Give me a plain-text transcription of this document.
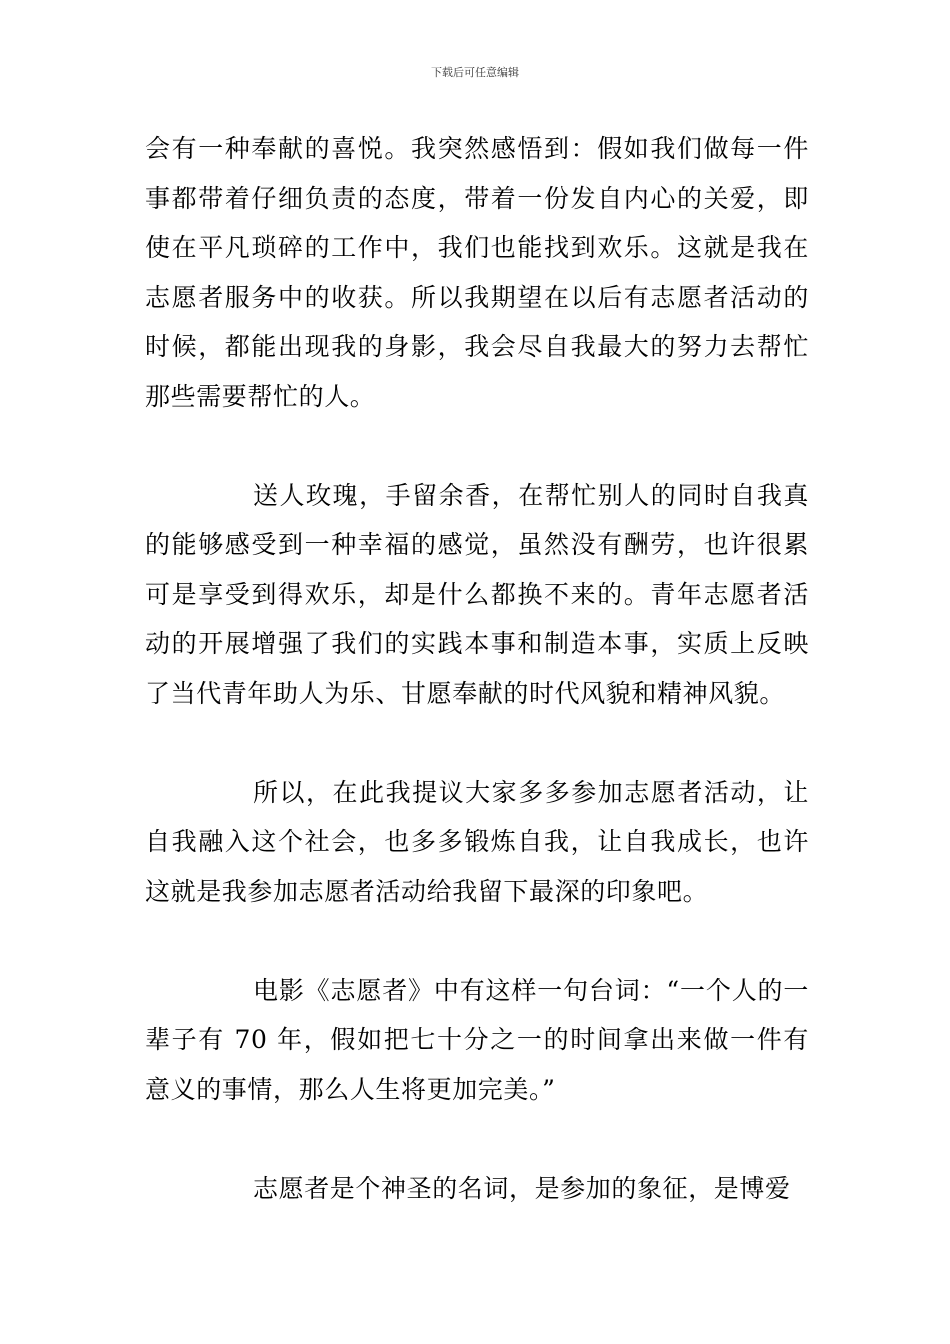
下载后可任意编辑

会有一种奉献的喜悦。我突然感悟到：假如我们做每一件事都带着仔细负责的态度，带着一份发自内心的关爱，即使在平凡琐碎的工作中，我们也能找到欢乐。这就是我在志愿者服务中的收获。所以我期望在以后有志愿者活动的时候，都能出现我的身影，我会尽自我最大的努力去帮忙那些需要帮忙的人。

送人玫瑰，手留余香，在帮忙别人的同时自我真的能够感受到一种幸福的感觉，虽然没有酬劳，也许很累可是享受到得欢乐，却是什么都换不来的。青年志愿者活动的开展增强了我们的实践本事和制造本事，实质上反映了当代青年助人为乐、甘愿奉献的时代风貌和精神风貌。

所以，在此我提议大家多多参加志愿者活动，让自我融入这个社会，也多多锻炼自我，让自我成长，也许这就是我参加志愿者活动给我留下最深的印象吧。

电影《志愿者》中有这样一句台词：“一个人的一辈子有 70 年，假如把七十分之一的时间拿出来做一件有意义的事情，那么人生将更加完美。”

志愿者是个神圣的名词，是参加的象征，是博爱
